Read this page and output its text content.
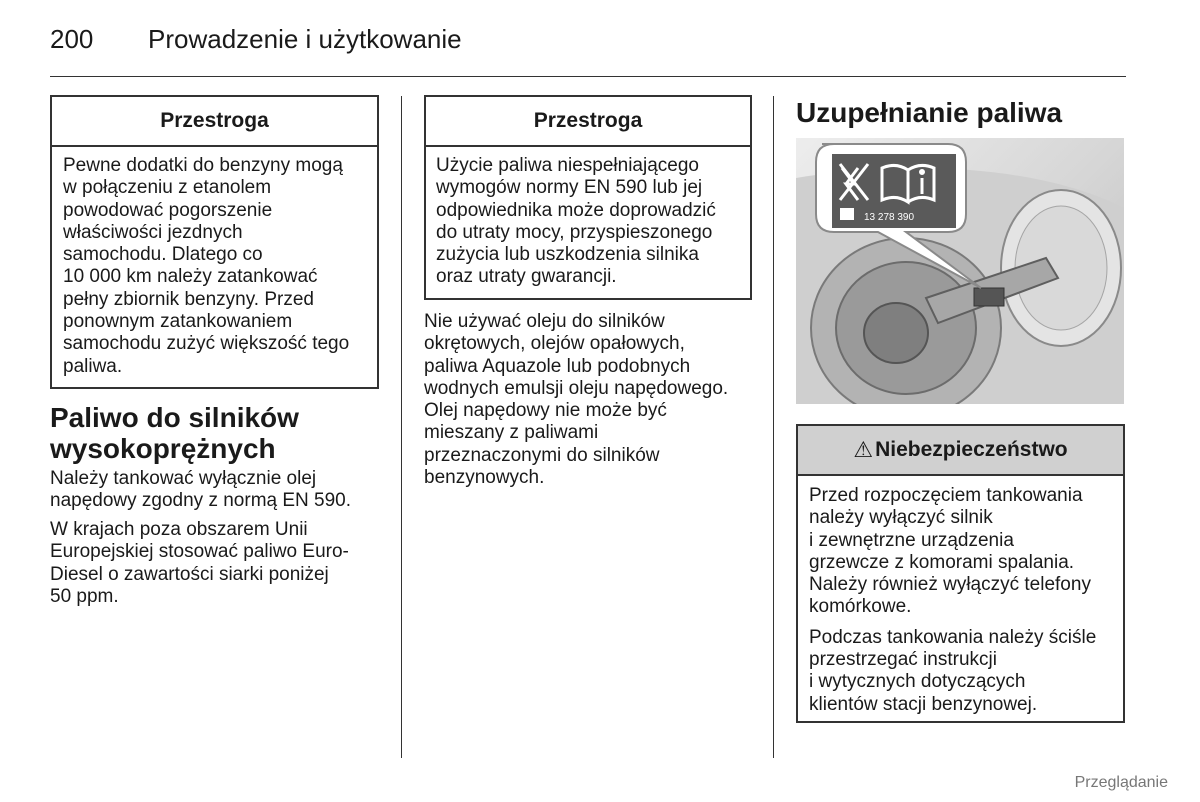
200 Prowadzenie i użytkowanie
Przestroga
Pewne dodatki do benzyny mogą
w połączeniu z etanolem
powodować pogorszenie
właściwości jezdnych
samochodu. Dlatego co
10 000 km należy zatankować
pełny zbiornik benzyny. Przed
ponownym zatankowaniem
samochodu zużyć większość tego
paliwa.
Paliwo do silników
wysokoprężnych
Należy tankować wyłącznie olej
napędowy zgodny z normą EN 590.
W krajach poza obszarem Unii
Europejskiej stosować paliwo Euro-
Diesel o zawartości siarki poniżej
50 ppm.
Przestroga
Użycie paliwa niespełniającego
wymogów normy EN 590 lub jej
odpowiednika może doprowadzić
do utraty mocy, przyspieszonego
zużycia lub uszkodzenia silnika
oraz utraty gwarancji.
Nie używać oleju do silników
okrętowych, olejów opałowych,
paliwa Aquazole lub podobnych
wodnych emulsji oleju napędowego.
Olej napędowy nie może być
mieszany z paliwami
przeznaczonymi do silników
benzynowych.
Uzupełnianie paliwa
13 278 390
⚠ Niebezpieczeństwo
Przed rozpoczęciem tankowania
należy wyłączyć silnik
i zewnętrzne urządzenia
grzewcze z komorami spalania.
Należy również wyłączyć telefony
komórkowe.
Podczas tankowania należy ściśle
przestrzegać instrukcji
i wytycznych dotyczących
klientów stacji benzynowej.
Przeglądanie
